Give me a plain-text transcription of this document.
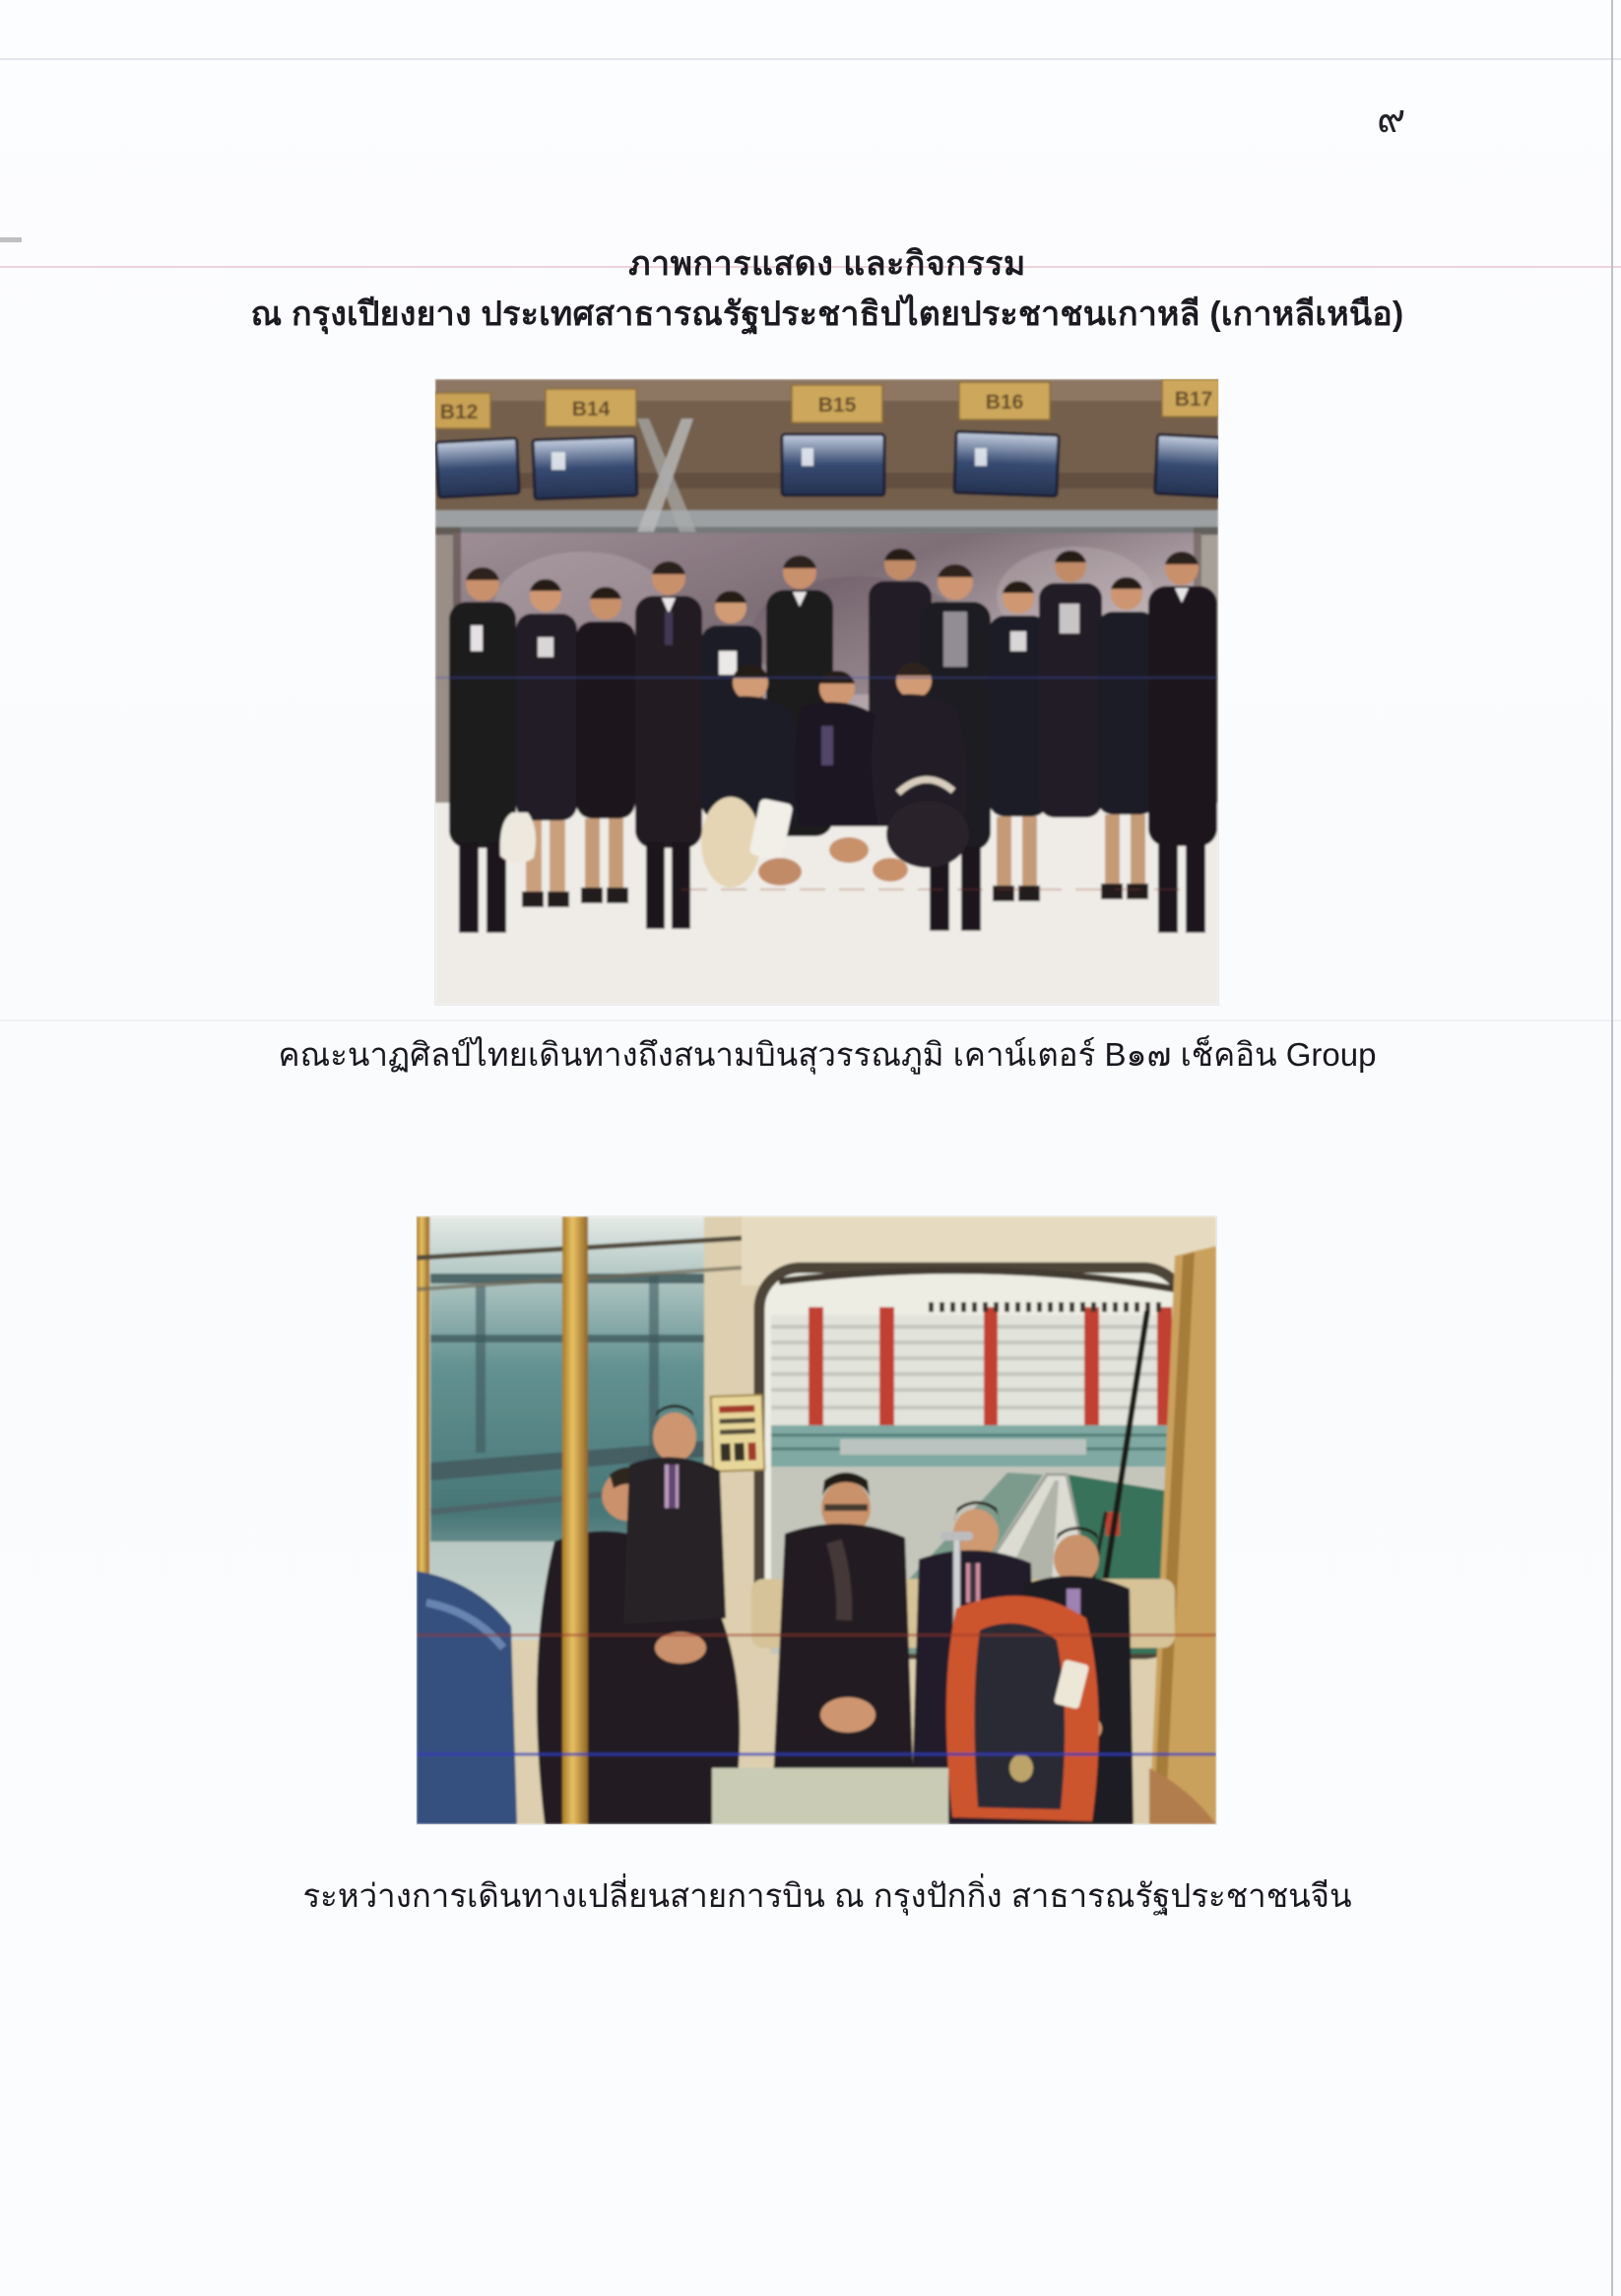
๙
ภาพการแสดง และกิจกรรม
ณ กรุงเปียงยาง ประเทศสาธารณรัฐประชาธิปไตยประชาชนเกาหลี (เกาหลีเหนือ)
B12	B14	B15	B16	B17
คณะนาฏศิลป์ไทยเดินทางถึงสนามบินสุวรรณภูมิ เคาน์เตอร์ B๑๗ เช็คอิน Group
ระหว่างการเดินทางเปลี่ยนสายการบิน ณ กรุงปักกิ่ง สาธารณรัฐประชาชนจีน
